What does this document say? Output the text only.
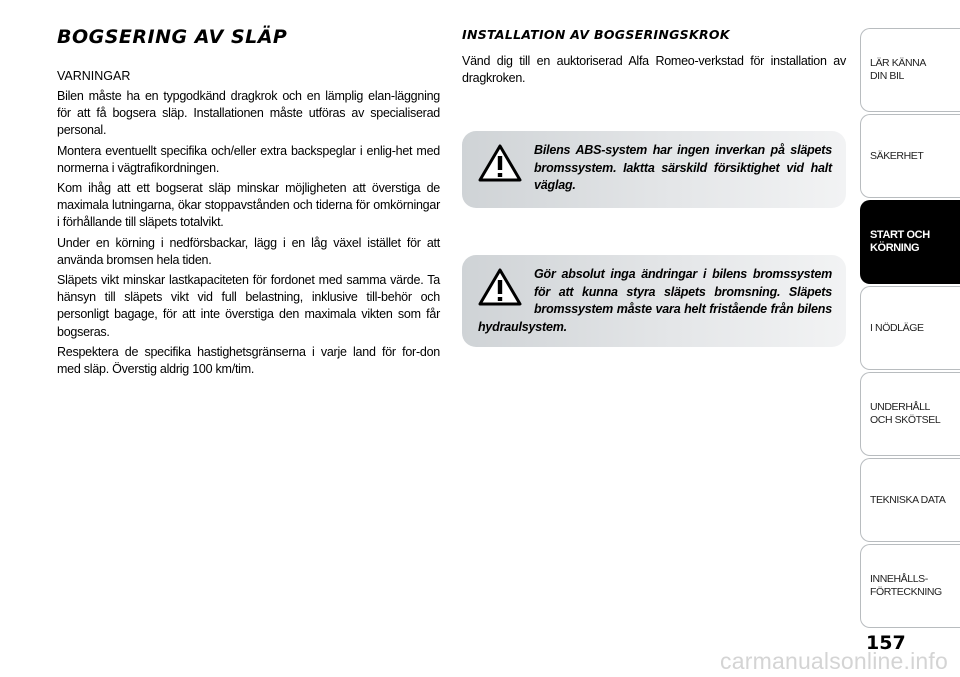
BOGSERING AV SLÄP
VARNINGAR

Bilen måste ha en typgodkänd dragkrok och en lämplig elan-läggning för att få bogsera släp. Installationen måste utföras av specialiserad personal.

Montera eventuellt specifika och/eller extra backspeglar i enlig-het med normerna i vägtrafikordningen.

Kom ihåg att ett bogserat släp minskar möjligheten att överstiga de maximala lutningarna, ökar stoppavstånden och tiderna för omkörningar i förhållande till släpets totalvikt.

Under en körning i nedförsbackar, lägg i en låg växel istället för att använda bromsen hela tiden.

Släpets vikt minskar lastkapaciteten för fordonet med samma värde. Ta hänsyn till släpets vikt vid full belastning, inklusive till-behör och personligt bagage, för att inte överstiga den maximala vikten som får bogseras.

Respektera de specifika hastighetsgränserna i varje land för for-don med släp. Överstig aldrig 100 km/tim.

INSTALLATION AV BOGSERINGSKROK

Vänd dig till en auktoriserad Alfa Romeo-verkstad för installation av dragkroken.

Bilens ABS-system har ingen inverkan på släpets bromssystem. Iaktta särskild försiktighet vid halt väglag.

Gör absolut inga ändringar i bilens bromssystem för att kunna styra släpets bromsning. Släpets bromssystem måste vara helt fristående från bilens hydraulsystem.

LÄR KÄNNA
DIN BIL
SÄKERHET
START OCH
KÖRNING
I NÖDLÄGE
UNDERHÅLL
OCH SKÖTSEL
TEKNISKA DATA
INNEHÅLLS-
FÖRTECKNING
157
carmanualsonline.info
